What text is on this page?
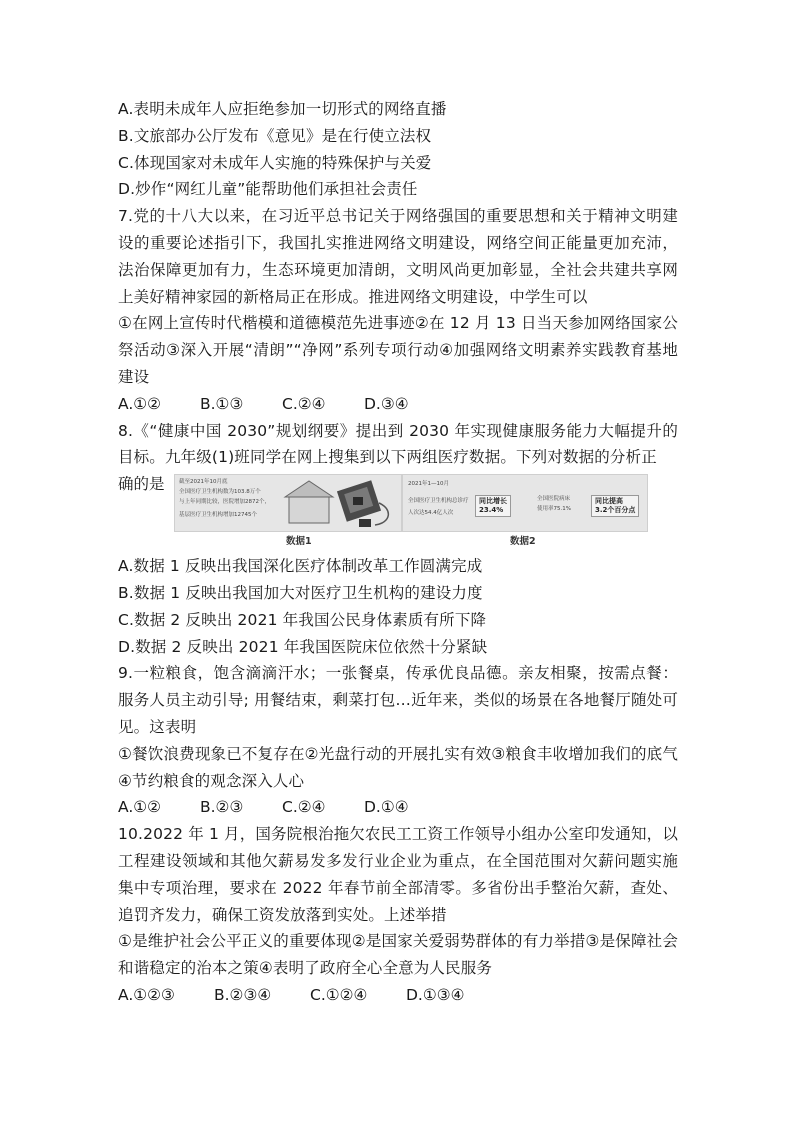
A.表明未成年人应拒绝参加一切形式的网络直播
B.文旅部办公厅发布《意见》是在行使立法权
C.体现国家对未成年人实施的特殊保护与关爱
D.炒作“网红儿童”能帮助他们承担社会责任
7.党的十八大以来，在习近平总书记关于网络强国的重要思想和关于精神文明建设的重要论述指引下，我国扎实推进网络文明建设，网络空间正能量更加充沛，法治保障更加有力，生态环境更加清朗，文明风尚更加彰显，全社会共建共享网上美好精神家园的新格局正在形成。推进网络文明建设，中学生可以
①在网上宣传时代楷模和道德模范先进事迹②在 12 月 13 日当天参加网络国家公祭活动③深入开展“清朗”“净网”系列专项行动④加强网络文明素养实践教育基地建设
A.①②	B.①③ C.②④ D.③④
8.《“健康中国 2030”规划纲要》提出到 2030 年实现健康服务能力大幅提升的目标。九年级(1)班同学在网上搜集到以下两组医疗数据。下列对数据的分析正
确的是	截至2021年10月底
全国医疗卫生机构数为103.8万个
与上年同期比较，医院增加2872个，
基层医疗卫生机构增加12745个
2021年1—10月
全国医疗卫生机构总诊疗
人次达54.4亿人次
同比增长
23.4%
全国医院病床
使用率75.1%
同比提高
3.2个百分点
数据1	数据2
A.数据 1 反映出我国深化医疗体制改革工作圆满完成
B.数据 1 反映出我国加大对医疗卫生机构的建设力度
C.数据 2 反映出 2021 年我国公民身体素质有所下降
D.数据 2 反映出 2021 年我国医院床位依然十分紧缺
9.一粒粮食，饱含滴滴汗水；一张餐桌，传承优良品德。亲友相聚，按需点餐：服务人员主动引导; 用餐结束，剩菜打包…近年来，类似的场景在各地餐厅随处可见。这表明
①餐饮浪费现象已不复存在②光盘行动的开展扎实有效③粮食丰收增加我们的底气④节约粮食的观念深入人心
A.①②	B.②③ C.②④ D.①④
10.2022 年 1 月，国务院根治拖欠农民工工资工作领导小组办公室印发通知，以工程建设领域和其他欠薪易发多发行业企业为重点，在全国范围对欠薪问题实施集中专项治理，要求在 2022 年春节前全部清零。多省份出手整治欠薪，查处、追罚齐发力，确保工资发放落到实处。上述举措
①是维护社会公平正义的重要体现②是国家关爱弱势群体的有力举措③是保障社会和谐稳定的治本之策④表明了政府全心全意为人民服务
A.①②③	B.②③④	C.①②④ D.①③④
